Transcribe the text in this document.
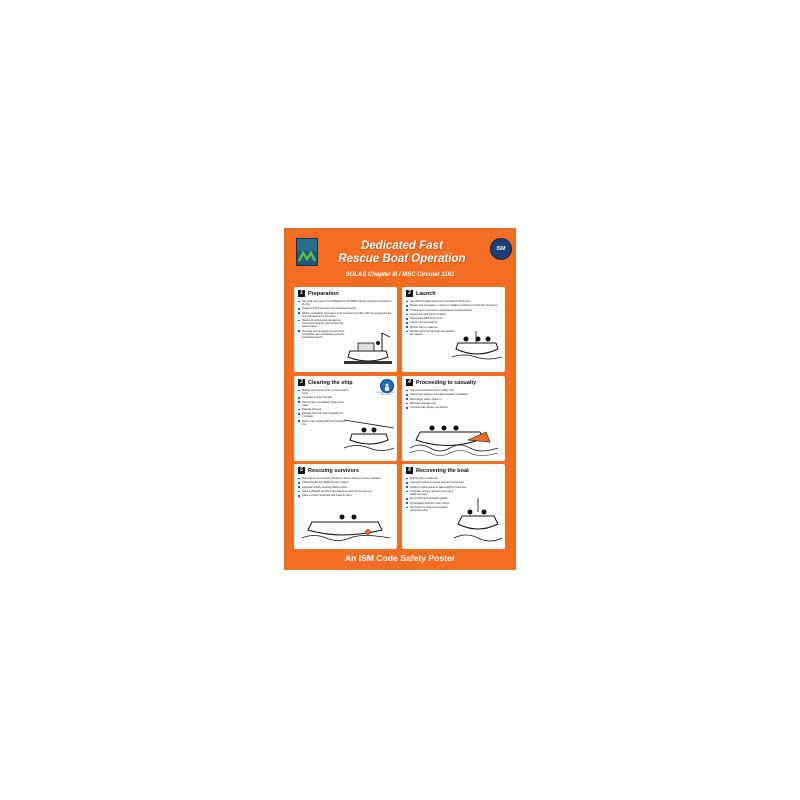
ISM
Dedicated Fast
Rescue Boat Operation
SOLAS Chapter III / MSC Circular 1161
1 Preparation
The boat crew are to be certificated to STCW95 requirements and recorded in the log.
Systems and crews are to be exercised weekly.
Where practicable, the boat is to be launched monthly, with the assigned crew, and manoeuvred in the water.
Read and understand operational instructions and the appropriate risk assessments.
The boat and its equipment are to be compatible and maintained ready for immediate launch.
2 Launch
Use SM compliant equipment and launch check lists.
Master and Coxswain to confer on weather conditions and launch procedure.
If viable use a preventer strop between hook and boat.
Deploy bow line (boom if fitted).
Appropriate PPE to be worn.
Check communications.
Mother ship to make lee.
Double check the lift hook and painters are secure.
3 Clearing the ship
LIFEJACKETS MUST BE WORN
Mother ship speed to be no more than 5 knots.
Coxswain to steer till clear.
Start engine immediately boat enters water.
Release lift hook.
Release bow line when signalled by Coxswain.
Ship's crew retrieve lift hook and bow line.
4 Proceeding to casualty
Test communications with mother ship.
Adjust boat speed to prevailing weather conditions.
Meet larger waves head on.
Maintain steerage way.
If engine fails, deploy sea anchor.
5 Rescuing survivors
Two boat crew members should be used to bring a survivor onboard.
If fitted deploy the MOB recovery system.
Approach slowly, keeping head to wind.
Have a Waterkit and thermal protection ready for the survivor.
Place survivor horizontal with head to stern.
6 Recovering the boat
Mother ship to make lee.
Approach slowly to accept bow line and secure.
Reduce engine speed to take weight on bow line.
Coxswain using a recovery strop and attach securely.
Do not lift until Coxswain signals.
Immediately boat lifts, stop engine.
Re-check the hook and re-attach preventer strop.
An ISM Code Safety Poster
